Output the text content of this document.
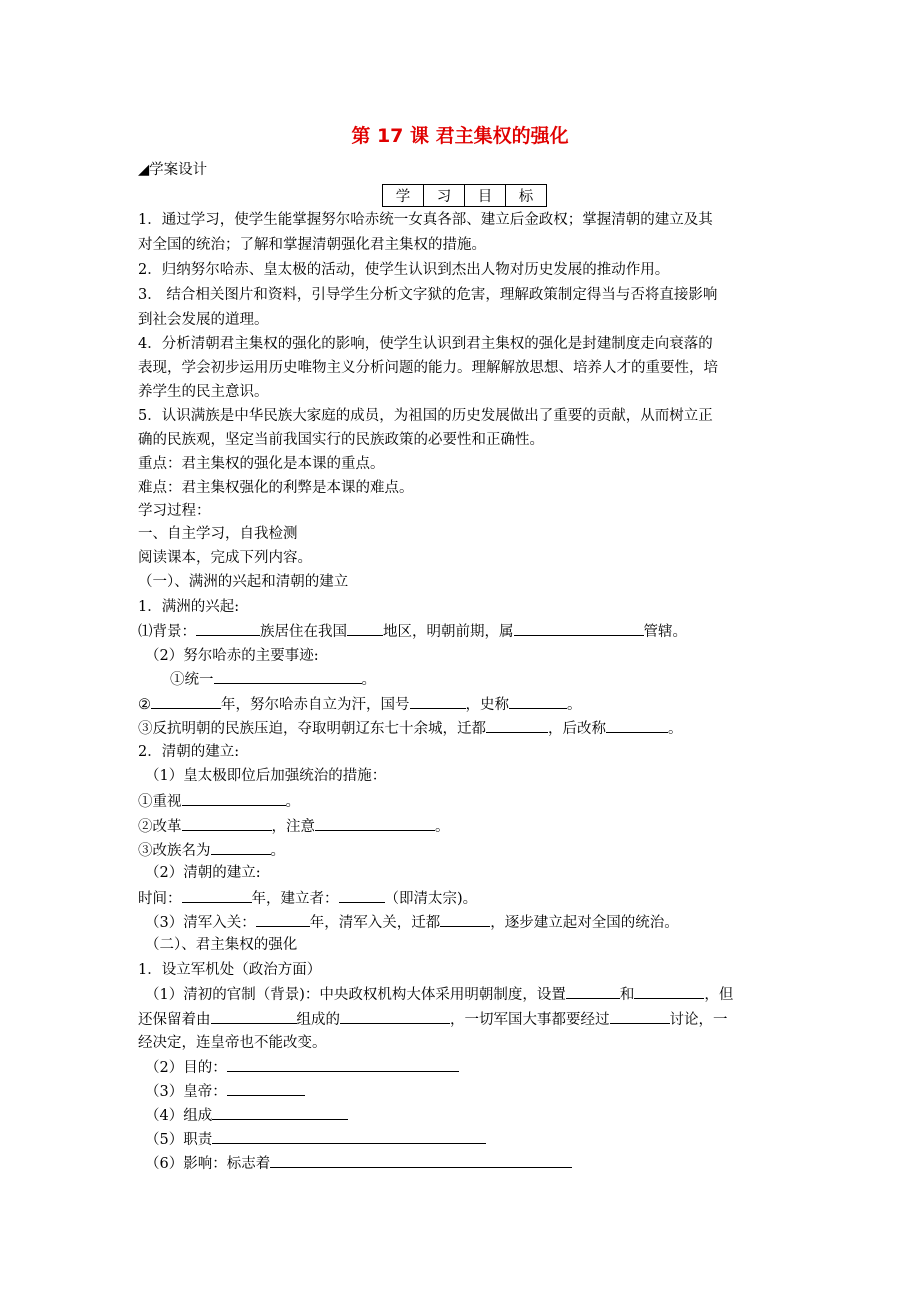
第 17 课 君主集权的强化
◢学案设计
学	习	目	标
1．通过学习，使学生能掌握努尔哈赤统一女真各部、建立后金政权；掌握清朝的建立及其
对全国的统治；了解和掌握清朝强化君主集权的措施。
2．归纳努尔哈赤、皇太极的活动，使学生认识到杰出人物对历史发展的推动作用。
3． 结合相关图片和资料，引导学生分析文字狱的危害，理解政策制定得当与否将直接影响
到社会发展的道理。
4．分析清朝君主集权的强化的影响，使学生认识到君主集权的强化是封建制度走向衰落的
表现，学会初步运用历史唯物主义分析问题的能力。理解解放思想、培养人才的重要性，培
养学生的民主意识。
5．认识满族是中华民族大家庭的成员，为祖国的历史发展做出了重要的贡献，从而树立正
确的民族观，坚定当前我国实行的民族政策的必要性和正确性。
重点：君主集权的强化是本课的重点。
难点：君主集权强化的利弊是本课的难点。
学习过程：
一、自主学习，自我检测
阅读课本，完成下列内容。
（一）、满洲的兴起和清朝的建立
1．满洲的兴起:
⑴背景：	族居住在我国 地区，明朝前期，属	管辖。
（2）努尔哈赤的主要事迹:
①统一	。
②	年，努尔哈赤自立为汗，国号	，史称	。
③反抗明朝的民族压迫，夺取明朝辽东七十余城，迁都	，后改称	。
2．清朝的建立:
（1）皇太极即位后加强统治的措施：
①重视	。
②改革	，注意	。
③改族名为	。
（2）清朝的建立:
时间：	年，建立者：	（即清太宗)。
（3）清军入关：	年，清军入关，迁都	，逐步建立起对全国的统治。
（二）、君主集权的强化
1．设立军机处（政治方面）
（1）清初的官制（背景)：中央政权机构大体采用明朝制度，设置	和	，但
还保留着由	组成的	，一切军国大事都要经过	讨论，一
经决定，连皇帝也不能改变。
（2）目的：
（3）皇帝：
（4）组成
（5）职责
（6）影响：标志着
